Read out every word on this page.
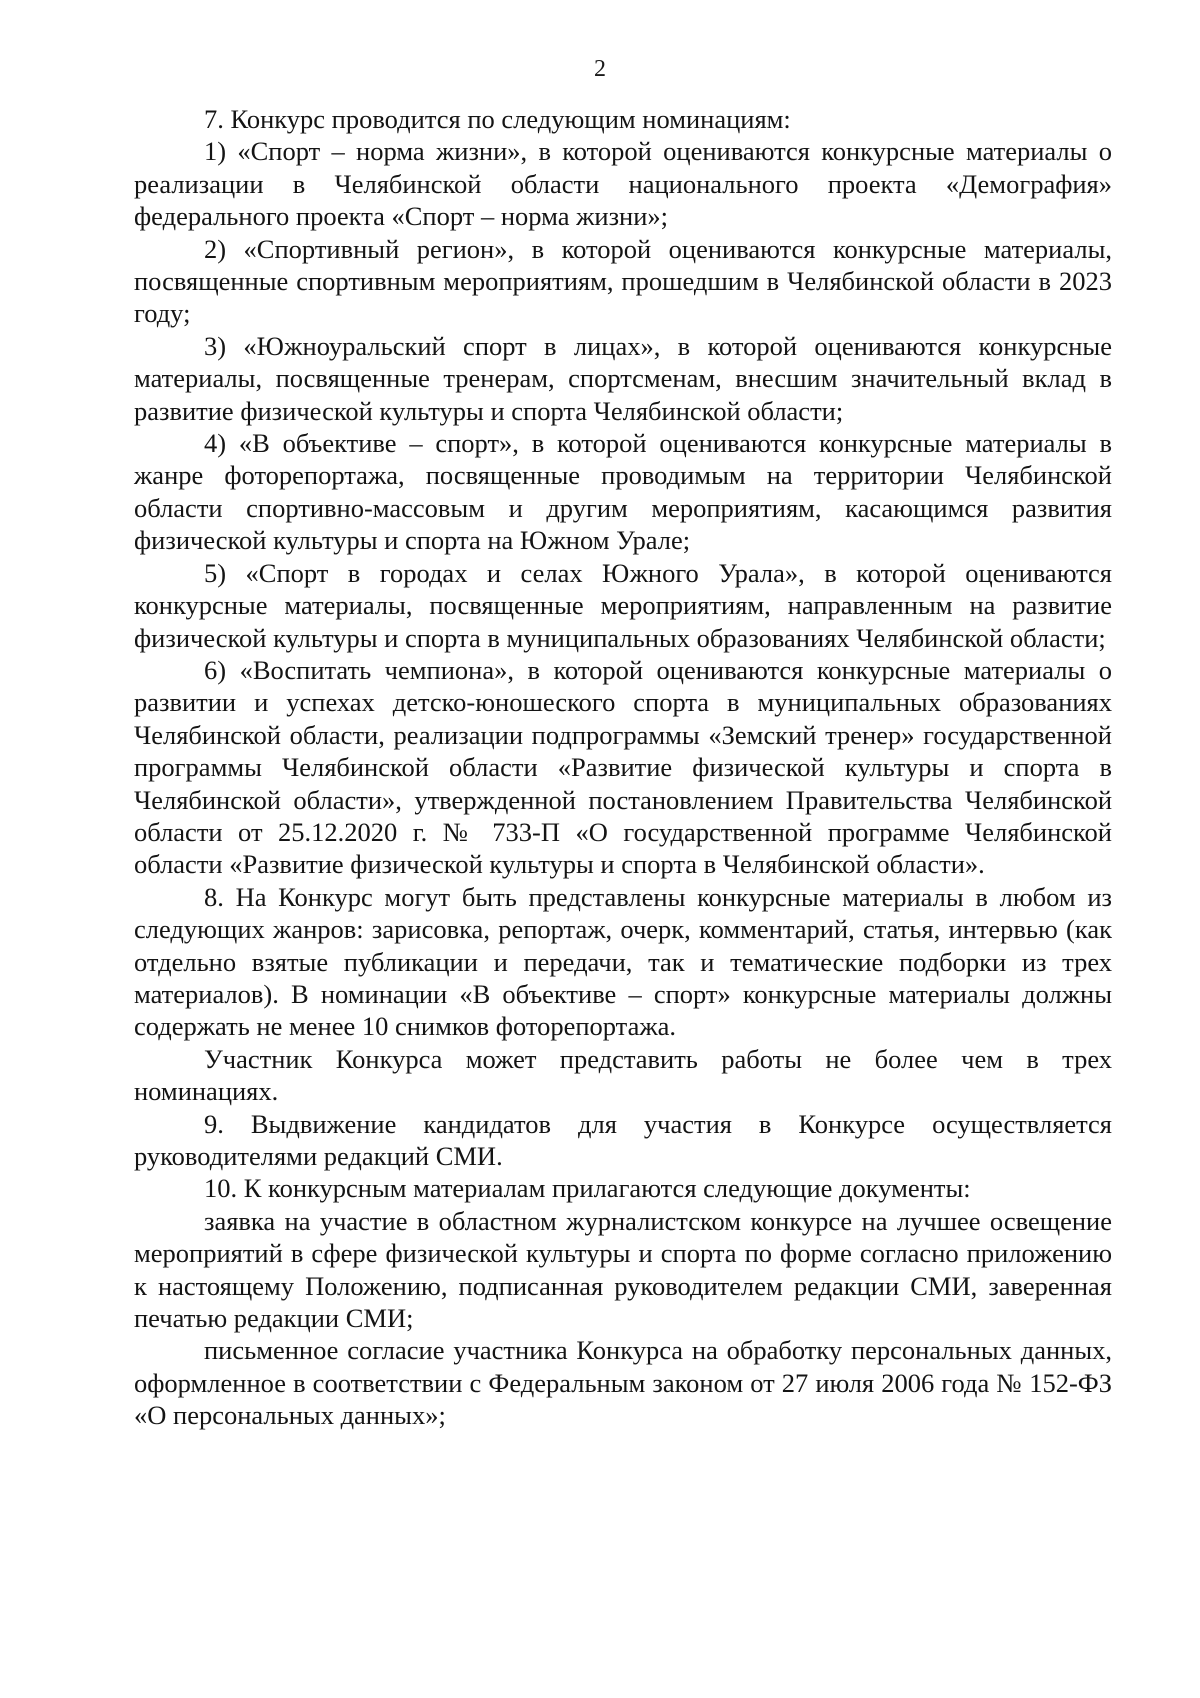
2

7. Конкурс проводится по следующим номинациям:

1) «Спорт – норма жизни», в которой оцениваются конкурсные материалы о реализации в Челябинской области национального проекта «Демография» федерального проекта «Спорт – норма жизни»;

2) «Спортивный регион», в которой оцениваются конкурсные материалы, посвященные спортивным мероприятиям, прошедшим в Челябинской области в 2023 году;

3) «Южноуральский спорт в лицах», в которой оцениваются конкурсные материалы, посвященные тренерам, спортсменам, внесшим значительный вклад в развитие физической культуры и спорта Челябинской области;

4) «В объективе – спорт», в которой оцениваются конкурсные материалы в жанре фоторепортажа, посвященные проводимым на территории Челябинской области спортивно-массовым и другим мероприятиям, касающимся развития физической культуры и спорта на Южном Урале;

5) «Спорт в городах и селах Южного Урала», в которой оцениваются конкурсные материалы, посвященные мероприятиям, направленным на развитие физической культуры и спорта в муниципальных образованиях Челябинской области;

6) «Воспитать чемпиона», в которой оцениваются конкурсные материалы о развитии и успехах детско-юношеского спорта в муниципальных образованиях Челябинской области, реализации подпрограммы «Земский тренер» государственной программы Челябинской области «Развитие физической культуры и спорта в Челябинской области», утвержденной постановлением Правительства Челябинской области от 25.12.2020 г. № 733-П «О государственной программе Челябинской области «Развитие физической культуры и спорта в Челябинской области».

8. На Конкурс могут быть представлены конкурсные материалы в любом из следующих жанров: зарисовка, репортаж, очерк, комментарий, статья, интервью (как отдельно взятые публикации и передачи, так и тематические подборки из трех материалов). В номинации «В объективе – спорт» конкурсные материалы должны содержать не менее 10 снимков фоторепортажа.

Участник Конкурса может представить работы не более чем в трех номинациях.

9. Выдвижение кандидатов для участия в Конкурсе осуществляется руководителями редакций СМИ.

10. К конкурсным материалам прилагаются следующие документы:

заявка на участие в областном журналистском конкурсе на лучшее освещение мероприятий в сфере физической культуры и спорта по форме согласно приложению к настоящему Положению, подписанная руководителем редакции СМИ, заверенная печатью редакции СМИ;

письменное согласие участника Конкурса на обработку персональных данных, оформленное в соответствии с Федеральным законом от 27 июля 2006 года № 152-ФЗ «О персональных данных»;
